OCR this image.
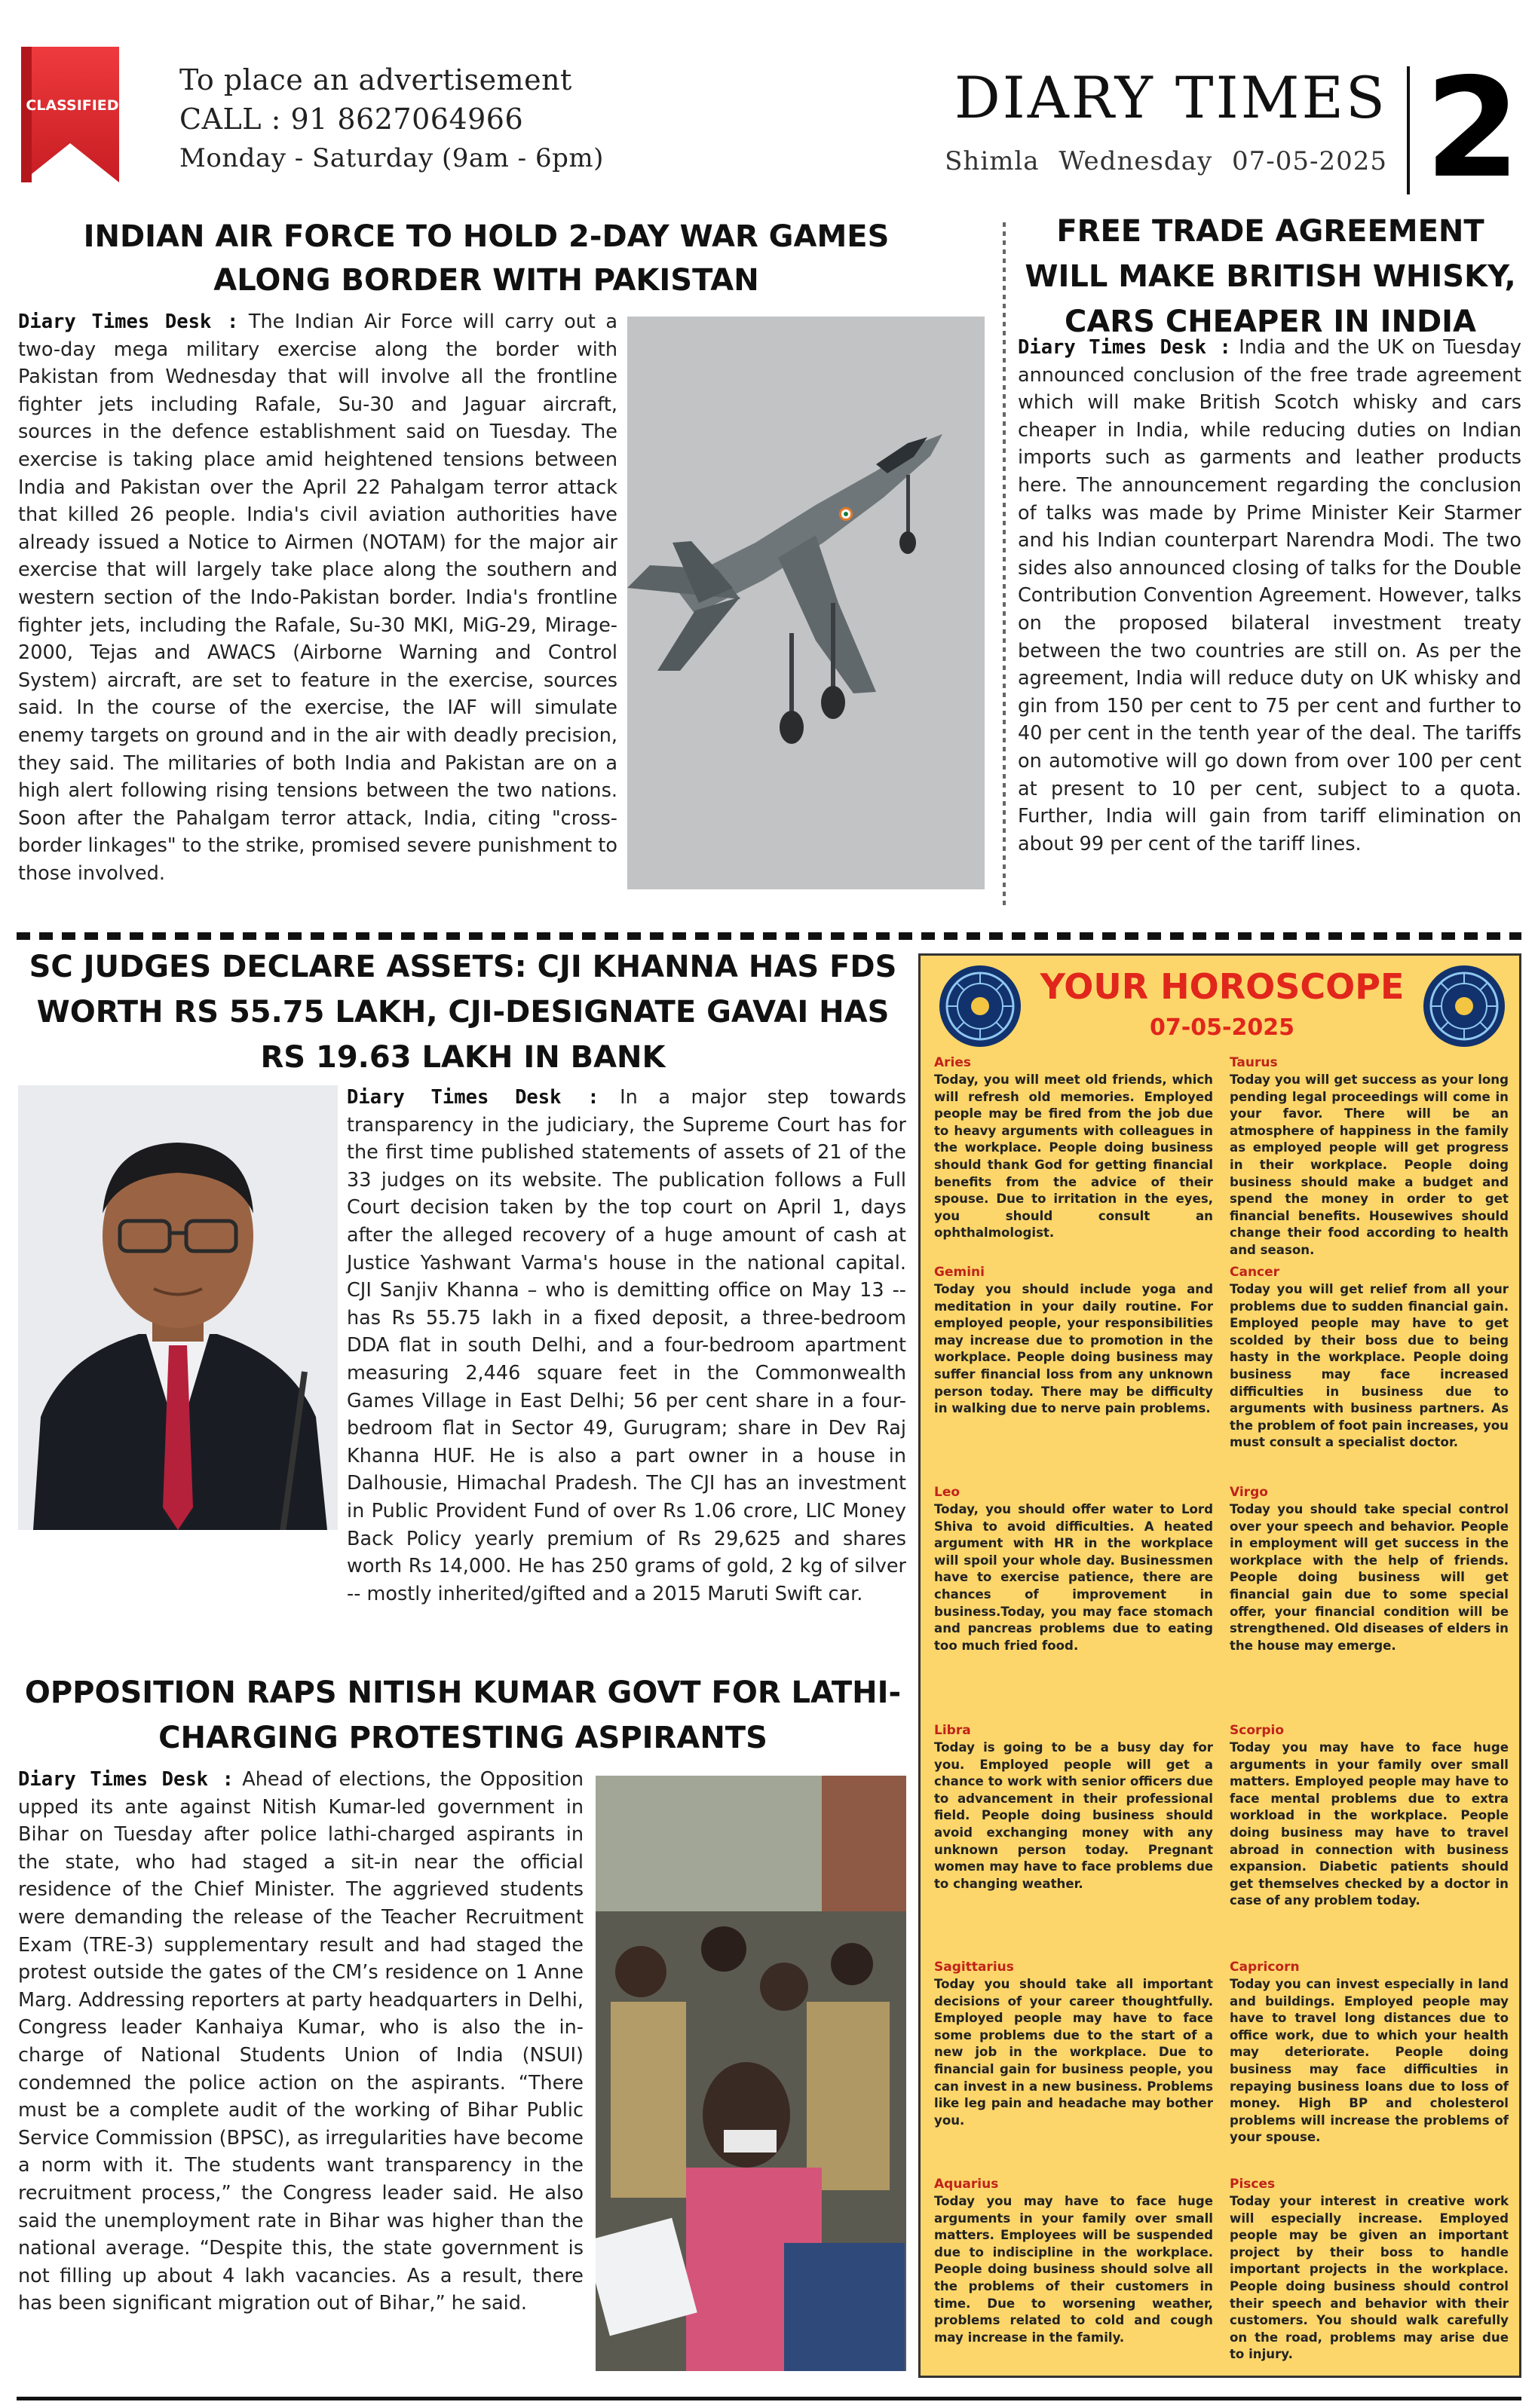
CLASSIFIED
To place an advertisement
CALL : 91 8627064966
Monday - Saturday (9am - 6pm)
DIARY TIMES
Shimla Wednesday 07-05-2025 2
INDIAN AIR FORCE TO HOLD 2-DAY WAR GAMES ALONG BORDER WITH PAKISTAN
Diary Times Desk : The Indian Air Force will carry out a two-day mega military exercise along the border with Pakistan from Wednesday that will involve all the frontline fighter jets including Rafale, Su-30 and Jaguar aircraft, sources in the defence establishment said on Tuesday. The exercise is taking place amid heightened tensions between India and Pakistan over the April 22 Pahalgam terror attack that killed 26 people. India's civil aviation authorities have already issued a Notice to Airmen (NOTAM) for the major air exercise that will largely take place along the southern and western section of the Indo-Pakistan border. India's frontline fighter jets, including the Rafale, Su-30 MKI, MiG-29, Mirage-2000, Tejas and AWACS (Airborne Warning and Control System) aircraft, are set to feature in the exercise, sources said. In the course of the exercise, the IAF will simulate enemy targets on ground and in the air with deadly precision, they said. The militaries of both India and Pakistan are on a high alert following rising tensions between the two nations. Soon after the Pahalgam terror attack, India, citing "cross-border linkages" to the strike, promised severe punishment to those involved.
FREE TRADE AGREEMENT WILL MAKE BRITISH WHISKY, CARS CHEAPER IN INDIA
Diary Times Desk : India and the UK on Tuesday announced conclusion of the free trade agreement which will make British Scotch whisky and cars cheaper in India, while reducing duties on Indian imports such as garments and leather products here. The announcement regarding the conclusion of talks was made by Prime Minister Keir Starmer and his Indian counterpart Narendra Modi. The two sides also announced closing of talks for the Double Contribution Convention Agreement. However, talks on the proposed bilateral investment treaty between the two countries are still on. As per the agreement, India will reduce duty on UK whisky and gin from 150 per cent to 75 per cent and further to 40 per cent in the tenth year of the deal. The tariffs on automotive will go down from over 100 per cent at present to 10 per cent, subject to a quota. Further, India will gain from tariff elimination on about 99 per cent of the tariff lines.
SC JUDGES DECLARE ASSETS: CJI KHANNA HAS FDS WORTH RS 55.75 LAKH, CJI-DESIGNATE GAVAI HAS RS 19.63 LAKH IN BANK
Diary Times Desk : In a major step towards transparency in the judiciary, the Supreme Court has for the first time published statements of assets of 21 of the 33 judges on its website. The publication follows a Full Court decision taken by the top court on April 1, days after the alleged recovery of a huge amount of cash at Justice Yashwant Varma's house in the national capital. CJI Sanjiv Khanna – who is demitting office on May 13 -- has Rs 55.75 lakh in a fixed deposit, a three-bedroom DDA flat in south Delhi, and a four-bedroom apartment measuring 2,446 square feet in the Commonwealth Games Village in East Delhi; 56 per cent share in a four-bedroom flat in Sector 49, Gurugram; share in Dev Raj Khanna HUF. He is also a part owner in a house in Dalhousie, Himachal Pradesh. The CJI has an investment in Public Provident Fund of over Rs 1.06 crore, LIC Money Back Policy yearly premium of Rs 29,625 and shares worth Rs 14,000. He has 250 grams of gold, 2 kg of silver -- mostly inherited/gifted and a 2015 Maruti Swift car.
OPPOSITION RAPS NITISH KUMAR GOVT FOR LATHI-CHARGING PROTESTING ASPIRANTS
Diary Times Desk : Ahead of elections, the Opposition upped its ante against Nitish Kumar-led government in Bihar on Tuesday after police lathi-charged aspirants in the state, who had staged a sit-in near the official residence of the Chief Minister. The aggrieved students were demanding the release of the Teacher Recruitment Exam (TRE-3) supplementary result and had staged the protest outside the gates of the CM’s residence on 1 Anne Marg. Addressing reporters at party headquarters in Delhi, Congress leader Kanhaiya Kumar, who is also the in-charge of National Students Union of India (NSUI) condemned the police action on the aspirants. “There must be a complete audit of the working of Bihar Public Service Commission (BPSC), as irregularities have become a norm with it. The students want transparency in the recruitment process,” the Congress leader said. He also said the unemployment rate in Bihar was higher than the national average. “Despite this, the state government is not filling up about 4 lakh vacancies. As a result, there has been significant migration out of Bihar,” he said.
YOUR HOROSCOPE
07-05-2025
Aries
Today, you will meet old friends, which will refresh old memories. Employed people may be fired from the job due to heavy arguments with colleagues in the workplace. People doing business should thank God for getting financial benefits from the advice of their spouse. Due to irritation in the eyes, you should consult an ophthalmologist.
Taurus
Today you will get success as your long pending legal proceedings will come in your favor. There will be an atmosphere of happiness in the family as employed people will get progress in their workplace. People doing business should make a budget and spend the money in order to get financial benefits. Housewives should change their food according to health and season.
Gemini
Today you should include yoga and meditation in your daily routine. For employed people, your responsibilities may increase due to promotion in the workplace. People doing business may suffer financial loss from any unknown person today. There may be difficulty in walking due to nerve pain problems.
Cancer
Today you will get relief from all your problems due to sudden financial gain. Employed people may have to get scolded by their boss due to being hasty in the workplace. People doing business may face increased difficulties in business due to arguments with business partners. As the problem of foot pain increases, you must consult a specialist doctor.
Leo
Today, you should offer water to Lord Shiva to avoid difficulties. A heated argument with HR in the workplace will spoil your whole day. Businessmen have to exercise patience, there are chances of improvement in business.Today, you may face stomach and pancreas problems due to eating too much fried food.
Virgo
Today you should take special control over your speech and behavior. People in employment will get success in the workplace with the help of friends. People doing business will get financial gain due to some special offer, your financial condition will be strengthened. Old diseases of elders in the house may emerge.
Libra
Today is going to be a busy day for you. Employed people will get a chance to work with senior officers due to advancement in their professional field. People doing business should avoid exchanging money with any unknown person today. Pregnant women may have to face problems due to changing weather.
Scorpio
Today you may have to face huge arguments in your family over small matters. Employed people may have to face mental problems due to extra workload in the workplace. People doing business may have to travel abroad in connection with business expansion. Diabetic patients should get themselves checked by a doctor in case of any problem today.
Sagittarius
Today you should take all important decisions of your career thoughtfully. Employed people may have to face some problems due to the start of a new job in the workplace. Due to financial gain for business people, you can invest in a new business. Problems like leg pain and headache may bother you.
Capricorn
Today you can invest especially in land and buildings. Employed people may have to travel long distances due to office work, due to which your health may deteriorate. People doing business may face difficulties in repaying business loans due to loss of money. High BP and cholesterol problems will increase the problems of your spouse.
Aquarius
Today you may have to face huge arguments in your family over small matters. Employees will be suspended due to indiscipline in the workplace. People doing business should solve all the problems of their customers in time. Due to worsening weather, problems related to cold and cough may increase in the family.
Pisces
Today your interest in creative work will especially increase. Employed people may be given an important project by their boss to handle important projects in the workplace. People doing business should control their speech and behavior with their customers. You should walk carefully on the road, problems may arise due to injury.
